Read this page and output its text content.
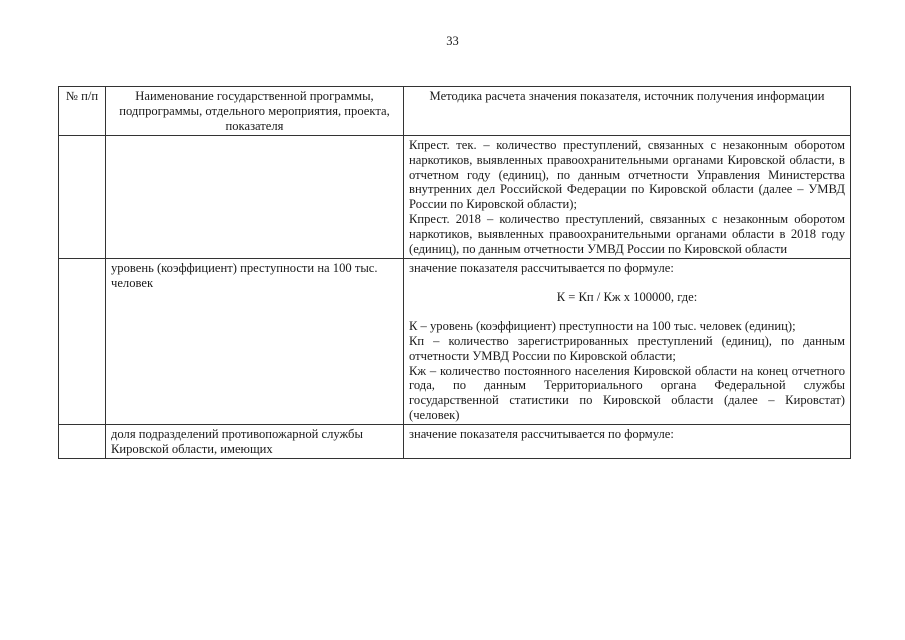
33
№ п/п	Наименование государственной программы, подпрограммы, отдельного мероприятия, проекта, показателя	Методика расчета значения показателя, источник получения информации

		Кпрест. тек. – количество преступлений, связанных с незаконным оборотом наркотиков, выявленных правоохранительными органами Кировской области, в отчетном году (единиц), по данным отчетности Управления Министерства внутренних дел Российской Федерации по Кировской области (далее – УМВД России по Кировской области);
Кпрест. 2018 – количество преступлений, связанных с незаконным оборотом наркотиков, выявленных правоохранительными органами области в 2018 году (единиц), по данным отчетности УМВД России по Кировской области

	уровень (коэффициент) преступности на 100 тыс. человек	значение показателя рассчитывается по формуле:
К = Кп / Кж х 100000, где:
К – уровень (коэффициент) преступности на 100 тыс. человек (единиц);
Кп – количество зарегистрированных преступлений (единиц), по данным отчетности УМВД России по Кировской области;
Кж – количество постоянного населения Кировской области на конец отчетного года, по данным Территориального органа Федеральной службы государственной статистики по Кировской области (далее – Кировстат) (человек)

	доля подразделений противопожарной службы Кировской области, имеющих	значение показателя рассчитывается по формуле:
